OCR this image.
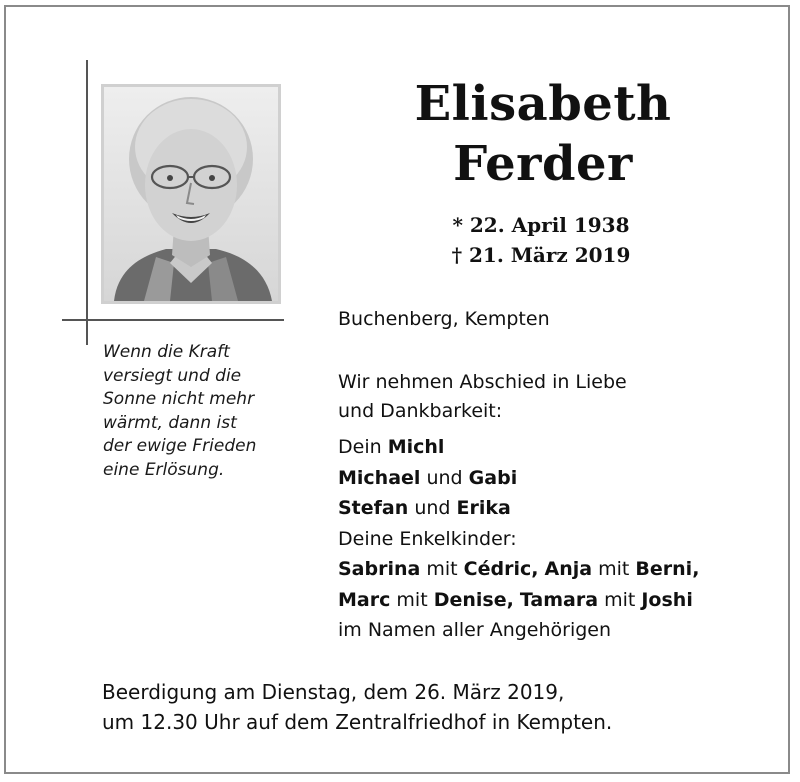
Wenn die Kraft
versiegt und die
Sonne nicht mehr
wärmt, dann ist
der ewige Frieden
eine Erlösung.
Elisabeth
Ferder
* 22. April 1938
† 21. März 2019
Buchenberg, Kempten
Wir nehmen Abschied in Liebe
und Dankbarkeit:
Dein Michl
Michael und Gabi
Stefan und Erika
Deine Enkelkinder:
Sabrina mit Cédric, Anja mit Berni,
Marc mit Denise, Tamara mit Joshi
im Namen aller Angehörigen
Beerdigung am Dienstag, dem 26. März 2019,
um 12.30 Uhr auf dem Zentralfriedhof in Kempten.
